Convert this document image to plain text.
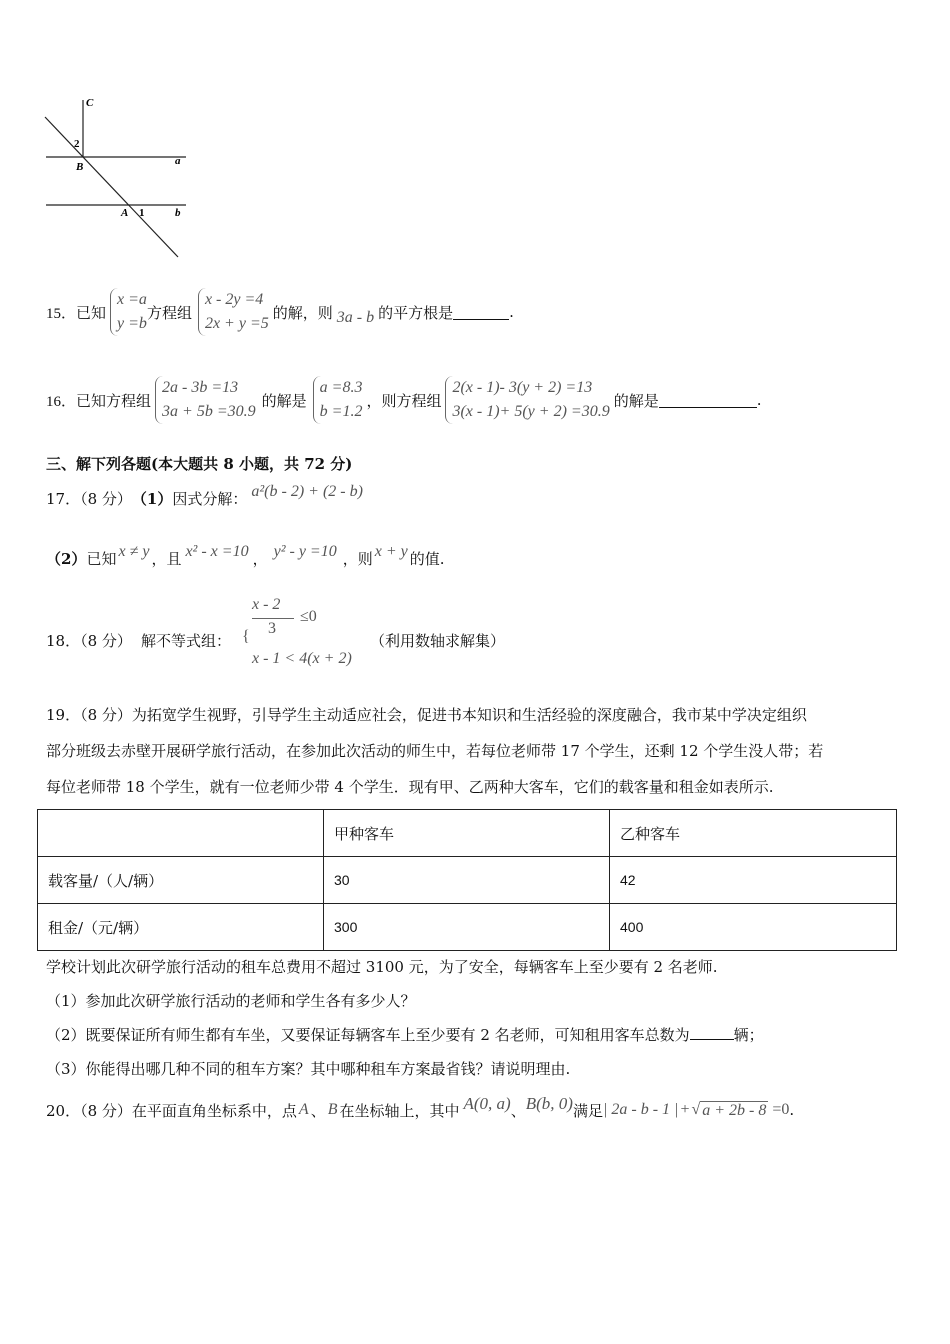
C
2
B	a
A 1	b
15． 已知
x =a
y =b
方程组
x - 2y =4
2x + y =5
的解，则 3a - b 的平方根是	.
16． 已知方程组
2a - 3b =13
3a + 5b =30.9
的解是
a =8.3
b =1.2
，则方程组
2(x - 1)- 3(y + 2) =13
3(x - 1)+ 5(y + 2) =30.9
的解是	.
三、解下列各题(本大题共 8 小题，共 72 分)
17．（8 分） （1） 因式分解： a²(b - 2) + (2 - b)
（2） 已知 x ≠ y ，且 x² - x =10 ， y² - y =10 ，则 x + y 的值.
18．（8 分） 解不等式组： {
x - 2
3
≤0
x - 1 < 4(x + 2)
（利用数轴求解集）
19．（8 分）为拓宽学生视野，引导学生主动适应社会，促进书本知识和生活经验的深度融合，我市某中学决定组织
部分班级去赤壁开展研学旅行活动，在参加此次活动的师生中，若每位老师带 17 个学生，还剩 12 个学生没人带；若
每位老师带 18 个学生，就有一位老师少带 4 个学生．现有甲、乙两种大客车，它们的载客量和租金如表所示.
	甲种客车	乙种客车
载客量/（人/辆）	30	42
租金/（元/辆）	300	400
学校计划此次研学旅行活动的租车总费用不超过 3100 元，为了安全，每辆客车上至少要有 2 名老师.
（1）参加此次研学旅行活动的老师和学生各有多少人？
（2）既要保证所有师生都有车坐，又要保证每辆客车上至少要有 2 名老师，可知租用客车总数为	辆；
（3）你能得出哪几种不同的租车方案？其中哪种租车方案最省钱？请说明理由.
20．（8 分） 在平面直角坐标系中，点 A 、 B 在坐标轴上，其中 A(0, a) 、 B(b, 0) 满足 | 2a - b - 1 | + √ a + 2b - 8 =0 .
